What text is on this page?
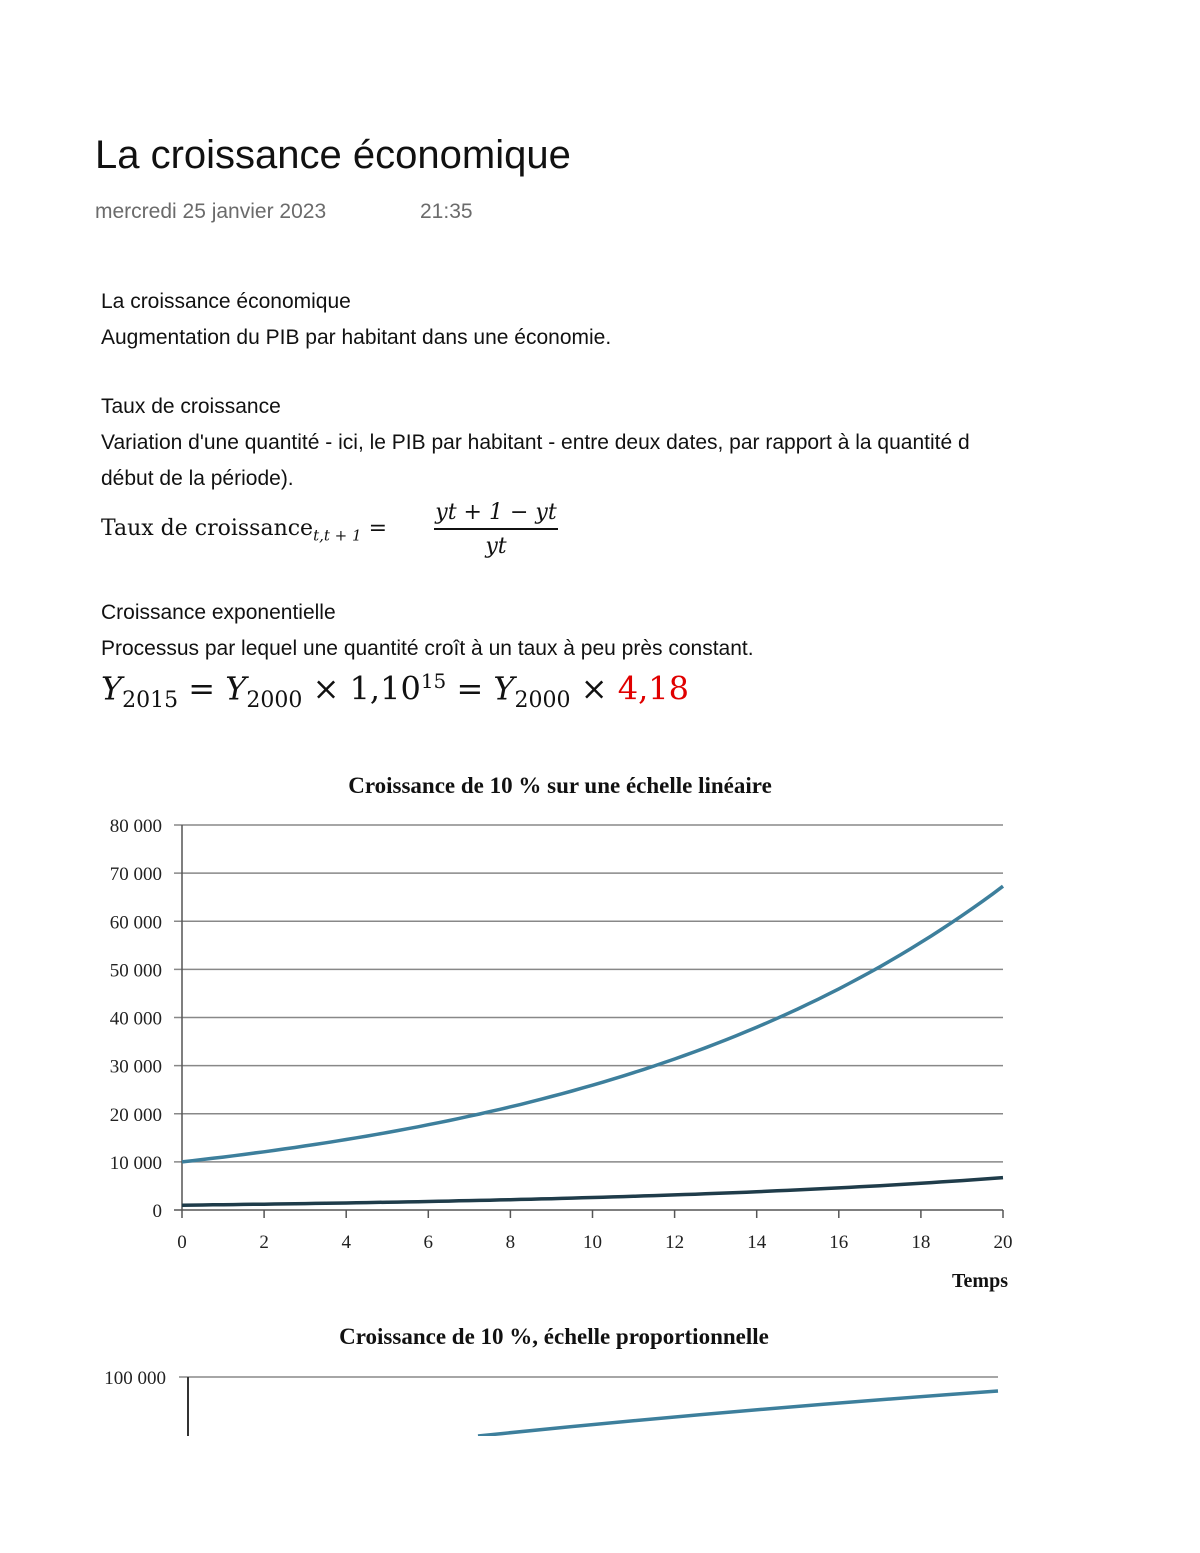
La croissance économique
mercredi 25 janvier 2023	21:35
La croissance économique
Augmentation du PIB par habitant dans une économie.
Taux de croissance
Variation d'une quantité - ici, le PIB par habitant - entre deux dates, par rapport à la quantité d
début de la période).
Taux de croissance$_{t,t + 1}$ =
yt + 1 − yt
yt
Croissance exponentielle
Processus par lequel une quantité croît à un taux à peu près constant.
$Y_{2015} = Y_{2000} \times 1,10^{15} = Y_{2000} \times 4,18$
Croissance de 10 % sur une échelle linéaire
0
10 000
20 000
30 000
40 000
50 000
60 000
70 000
80 000
0	2	4	6	8	10	12	14	16	18	20
Temps
Croissance de 10 %, échelle proportionnelle
100 000
